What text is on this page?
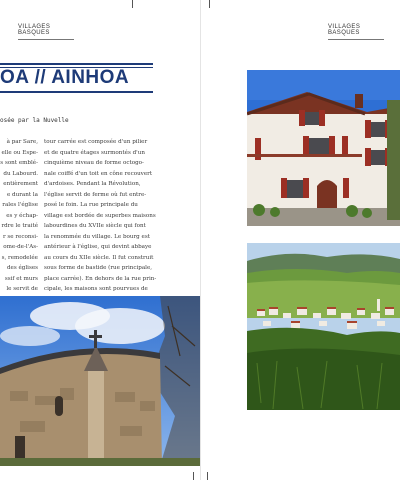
VILLAGES BASQUES
OA // AINHOA
osée par la Nuvelle
à par Sare,
elle ou Espe-
s sont emblé-
du Labourd.
entièrement
e durant la
rales l'église
es y échap-
rdre le traité
r se reconsi-
ome-de-l'As-
s, remodelée
des églises
ssif et murs
le servit de
tour carrée est composée d'un pilier
et de quatre étages surmontés d'un
cinquième niveau de forme octogo-
nale coiffé d'un toit en cône recouvert
d'ardoises. Pendant la Révolution,
l'église servit de ferme où fut entre-
posé le foin. La rue principale du
village est bordée de superbes maisons
labourdines du XVIIe siècle qui font
la renommée du village. Le bourg est
antérieur à l'église, qui devint abbaye
au cours du XIIe siècle. Il fut construit
sous forme de bastide (rue principale,
place carrée). En dehors de la rue prin-
cipale, les maisons sont pourvues de
VILLAGES BASQUES
